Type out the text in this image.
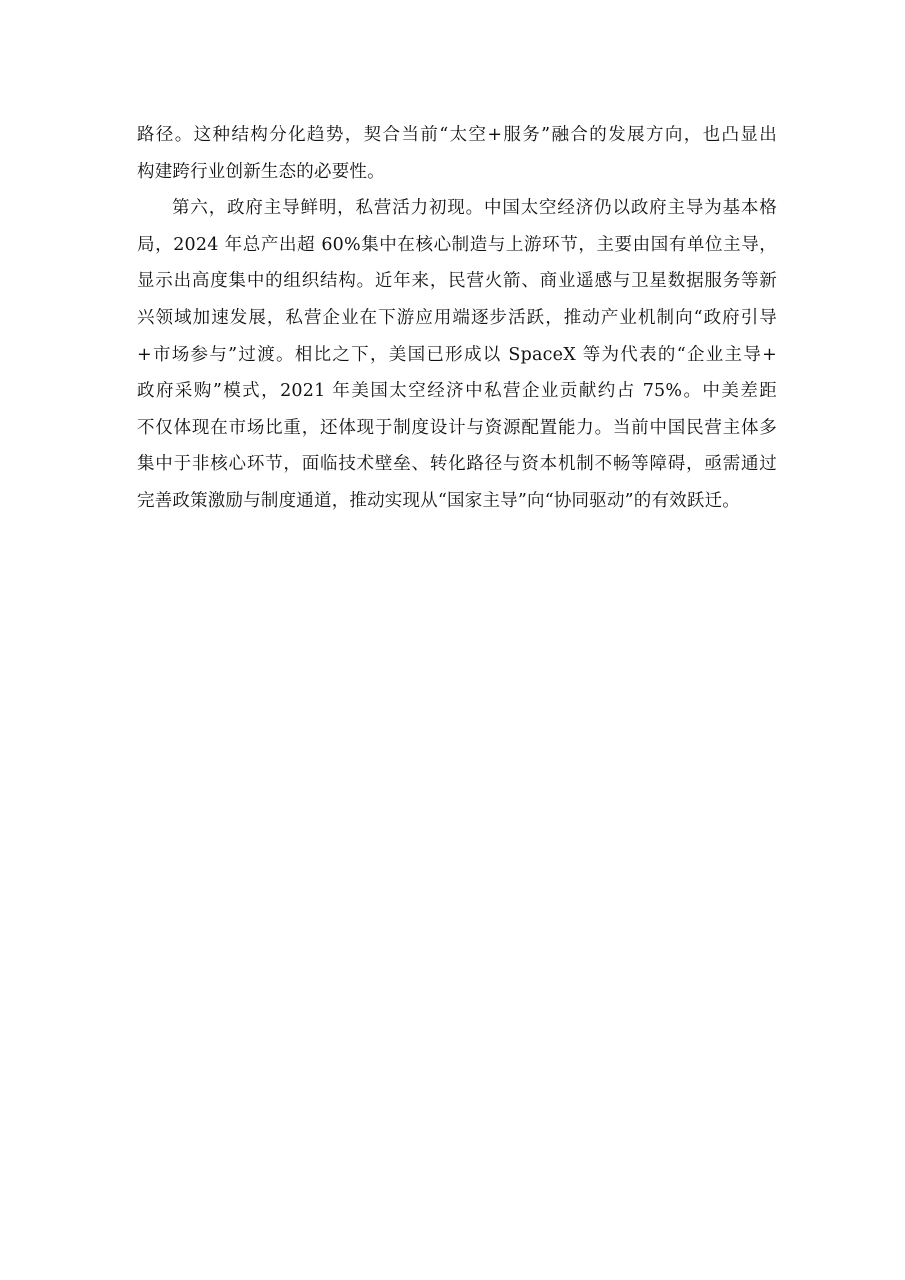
路径。这种结构分化趋势，契合当前“太空+服务”融合的发展方向，也凸显出
构建跨行业创新生态的必要性。
第六，政府主导鲜明，私营活力初现。中国太空经济仍以政府主导为基本格
局，2024 年总产出超 60%集中在核心制造与上游环节，主要由国有单位主导，
显示出高度集中的组织结构。近年来，民营火箭、商业遥感与卫星数据服务等新
兴领域加速发展，私营企业在下游应用端逐步活跃，推动产业机制向“政府引导
+市场参与”过渡。相比之下，美国已形成以 SpaceX 等为代表的“企业主导+
政府采购”模式，2021 年美国太空经济中私营企业贡献约占 75%。中美差距
不仅体现在市场比重，还体现于制度设计与资源配置能力。当前中国民营主体多
集中于非核心环节，面临技术壁垒、转化路径与资本机制不畅等障碍，亟需通过
完善政策激励与制度通道，推动实现从“国家主导”向“协同驱动”的有效跃迁。
